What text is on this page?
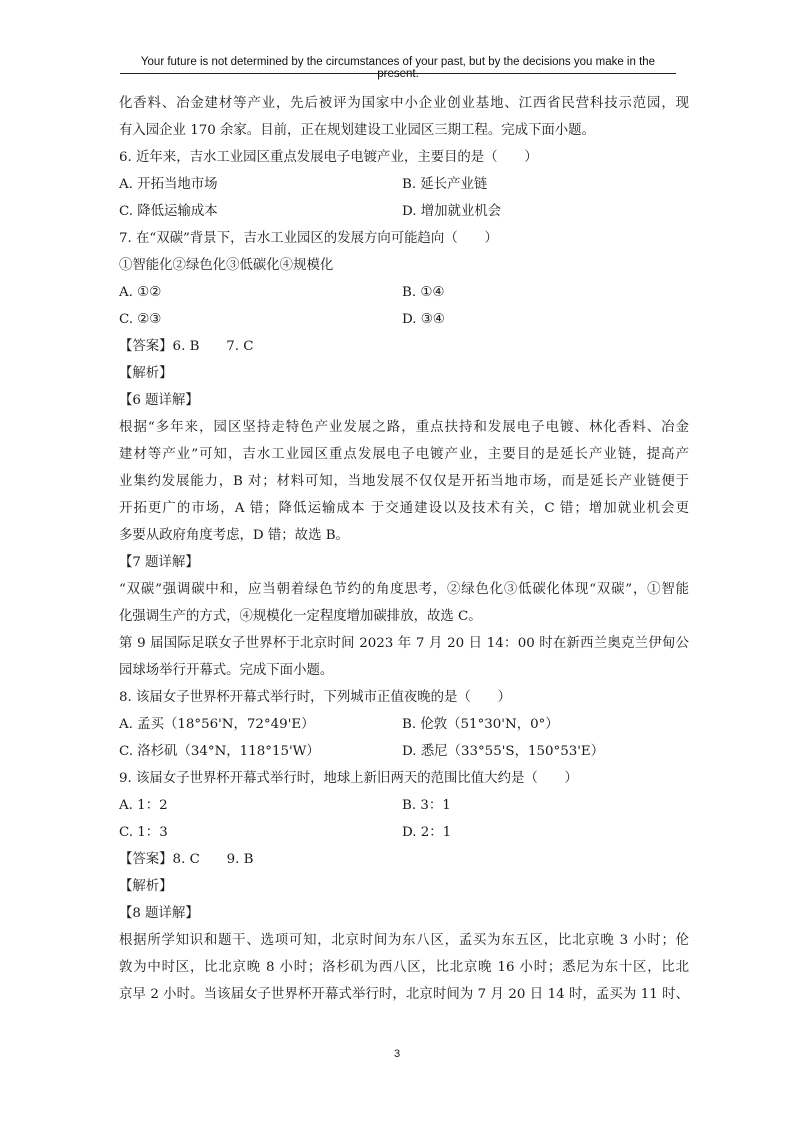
Your future is not determined by the circumstances of your past, but by the decisions you make in the present.
化香料、冶金建材等产业，先后被评为国家中小企业创业基地、江西省民营科技示范园，现
有入园企业 170 余家。目前，正在规划建设工业园区三期工程。完成下面小题。
6. 近年来，吉水工业园区重点发展电子电镀产业，主要目的是（　　）
A. 开拓当地市场	B. 延长产业链
C. 降低运输成本	D. 增加就业机会
7. 在“双碳”背景下，吉水工业园区的发展方向可能趋向（　　）
①智能化②绿色化③低碳化④规模化
A. ①②	B. ①④
C. ②③	D. ③④
【答案】6. B　　7. C
【解析】
【6 题详解】
根据“多年来，园区坚持走特色产业发展之路，重点扶持和发展电子电镀、林化香料、冶金
建材等产业”可知，吉水工业园区重点发展电子电镀产业，主要目的是延长产业链，提高产
业集约发展能力，B 对；材料可知，当地发展不仅仅是开拓当地市场，而是延长产业链便于
开拓更广的市场，A 错；降低运输成本 于交通建设以及技术有关，C 错；增加就业机会更
多要从政府角度考虑，D 错；故选 B。
【7 题详解】
“双碳”强调碳中和，应当朝着绿色节约的角度思考，②绿色化③低碳化体现“双碳”，①智能
化强调生产的方式，④规模化一定程度增加碳排放，故选 C。
第 9 届国际足联女子世界杯于北京时间 2023 年 7 月 20 日 14：00 时在新西兰奥克兰伊甸公
园球场举行开幕式。完成下面小题。
8. 该届女子世界杯开幕式举行时，下列城市正值夜晚的是（　　）
A. 孟买（18°56'N，72°49'E）	B. 伦敦（51°30'N，0°）
C. 洛杉矶（34°N，118°15'W）	D. 悉尼（33°55'S，150°53'E）
9. 该届女子世界杯开幕式举行时，地球上新旧两天的范围比值大约是（　　）
A. 1：2	B. 3：1
C. 1：3	D. 2：1
【答案】8. C　　9. B
【解析】
【8 题详解】
根据所学知识和题干、选项可知，北京时间为东八区，孟买为东五区，比北京晚 3 小时；伦
敦为中时区，比北京晚 8 小时；洛杉矶为西八区，比北京晚 16 小时；悉尼为东十区，比北
京早 2 小时。当该届女子世界杯开幕式举行时，北京时间为 7 月 20 日 14 时，孟买为 11 时、
3
